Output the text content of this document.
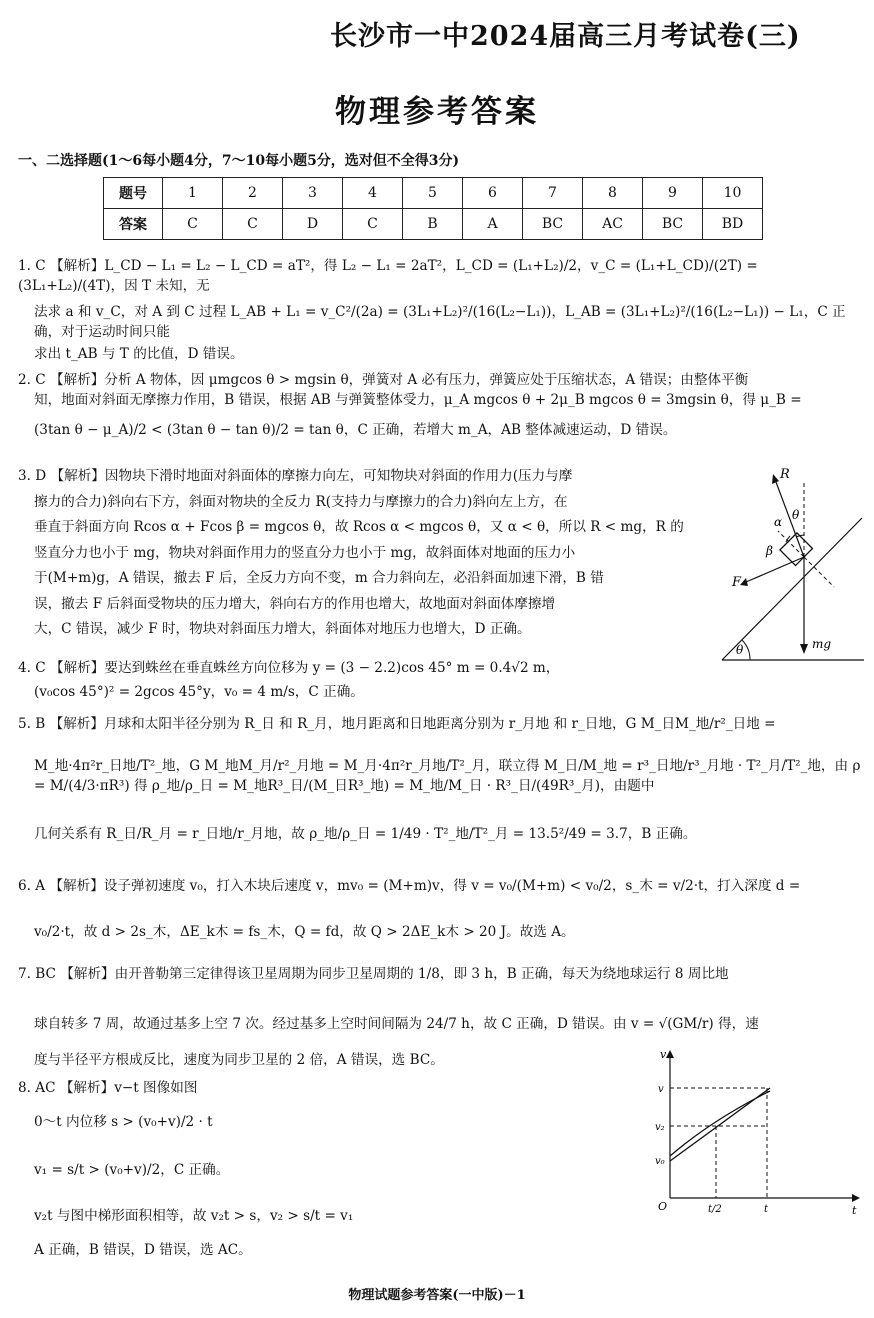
长沙市一中2024届高三月考试卷(三)
物理参考答案
一、二选择题(1～6每小题4分，7～10每小题5分，选对但不全得3分)
题号	1	2	3	4	5	6	7	8	9	10
答案	C	C	D	C	B	A	BC	AC	BC	BD

1. C 【解析】L_CD − L₁ = L₂ − L_CD = aT²，得 L₂ − L₁ = 2aT²，L_CD = (L₁+L₂)/2，v_C = (L₁+L_CD)/(2T) = (3L₁+L₂)/(4T)，因 T 未知，无

法求 a 和 v_C，对 A 到 C 过程 L_AB + L₁ = v_C²/(2a) = (3L₁+L₂)²/(16(L₂−L₁))，L_AB = (3L₁+L₂)²/(16(L₂−L₁)) − L₁，C 正确，对于运动时间只能

求出 t_AB 与 T 的比值，D 错误。

2. C 【解析】分析 A 物体，因 μmgcos θ > mgsin θ，弹簧对 A 必有压力，弹簧应处于压缩状态，A 错误；由整体平衡

知，地面对斜面无摩擦力作用，B 错误，根据 AB 与弹簧整体受力，μ_A mgcos θ + 2μ_B mgcos θ = 3mgsin θ，得 μ_B =

(3tan θ − μ_A)/2 < (3tan θ − tan θ)/2 = tan θ，C 正确，若增大 m_A，AB 整体减速运动，D 错误。

3. D 【解析】因物块下滑时地面对斜面体的摩擦力向左，可知物块对斜面的作用力(压力与摩

擦力的合力)斜向右下方，斜面对物块的全反力 R(支持力与摩擦力的合力)斜向左上方，在

垂直于斜面方向 Rcos α + Fcos β = mgcos θ，故 Rcos α < mgcos θ，又 α < θ，所以 R < mg，R 的

竖直分力也小于 mg，物块对斜面作用力的竖直分力也小于 mg，故斜面体对地面的压力小

于(M+m)g，A 错误，撤去 F 后，全反力方向不变，m 合力斜向左，必沿斜面加速下滑，B 错

误，撤去 F 后斜面受物块的压力增大，斜向右方的作用也增大，故地面对斜面体摩擦增

大，C 错误，减少 F 时，物块对斜面压力增大，斜面体对地压力也增大，D 正确。

R
θ
α
β
F
mg
θ

4. C 【解析】要达到蛛丝在垂直蛛丝方向位移为 y = (3 − 2.2)cos 45° m = 0.4√2 m，

(v₀cos 45°)² = 2gcos 45°y，v₀ = 4 m/s，C 正确。

5. B 【解析】月球和太阳半径分别为 R_日 和 R_月，地月距离和日地距离分别为 r_月地 和 r_日地，G M_日M_地/r²_日地 =

M_地·4π²r_日地/T²_地，G M_地M_月/r²_月地 = M_月·4π²r_月地/T²_月，联立得 M_日/M_地 = r³_日地/r³_月地 · T²_月/T²_地，由 ρ = M/(4/3·πR³) 得 ρ_地/ρ_日 = M_地R³_日/(M_日R³_地) = M_地/M_日 · R³_日/(49R³_月)，由题中

几何关系有 R_日/R_月 = r_日地/r_月地，故 ρ_地/ρ_日 = 1/49 · T²_地/T²_月 = 13.5²/49 = 3.7，B 正确。

6. A 【解析】设子弹初速度 v₀，打入木块后速度 v，mv₀ = (M+m)v，得 v = v₀/(M+m) < v₀/2，s_木 = v/2·t，打入深度 d =

v₀/2·t，故 d > 2s_木，ΔE_k木 = fs_木，Q = fd，故 Q > 2ΔE_k木 > 20 J。故选 A。

7. BC 【解析】由开普勒第三定律得该卫星周期为同步卫星周期的 1/8，即 3 h，B 正确，每天为绕地球运行 8 周比地

球自转多 7 周，故通过基多上空 7 次。经过基多上空时间间隔为 24/7 h，故 C 正确，D 错误。由 v = √(GM/r) 得，速

度与半径平方根成反比，速度为同步卫星的 2 倍，A 错误，选 BC。

8. AC 【解析】v−t 图像如图

0～t 内位移 s > (v₀+v)/2 · t

v₁ = s/t > (v₀+v)/2，C 正确。

v₂t 与图中梯形面积相等，故 v₂t > s，v₂ > s/t = v₁

A 正确，B 错误，D 错误，选 AC。

v
t
O
v
v₂
v₀
t/2	t
物理试题参考答案(一中版)－1
